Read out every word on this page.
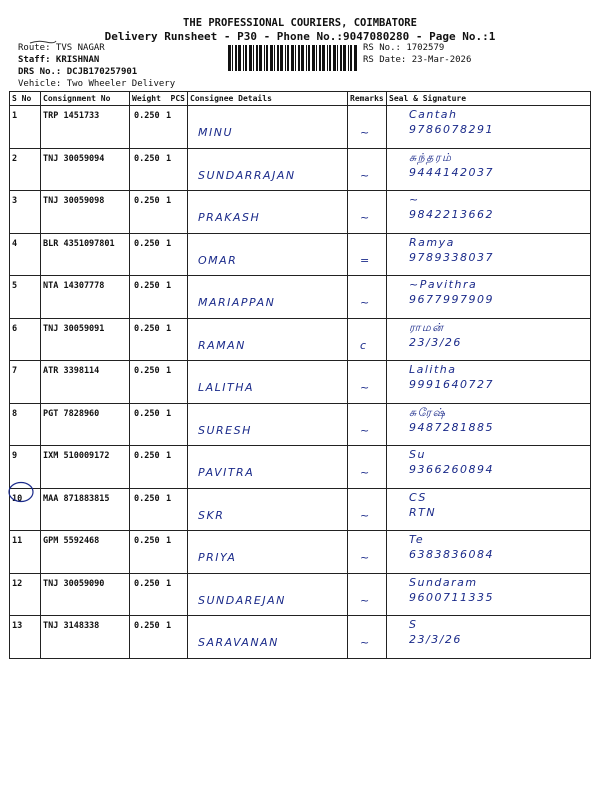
THE PROFESSIONAL COURIERS, COIMBATORE
Delivery Runsheet - P30 - Phone No.:9047080280 - Page No.:1
Route: TVS NAGAR
Staff: KRISHNAN
DRS No.: DCJB170257901
Vehicle: Two Wheeler Delivery
RS No.: 1702579
RS Date: 23-Mar-2026
S No	Consignment No	Weight PCS	Consignee Details	Remarks	Seal & Signature

1	TRP 1451733	0.250 1	MINU	~	Cantah
9786078291

2	TNJ 30059094	0.250 1	SUNDARRAJAN	~	சுந்தரம்
9444142037

3	TNJ 30059098	0.250 1	PRAKASH	~	~
9842213662

4	BLR 4351097801	0.250 1	OMAR	=	Ramya
9789338037

5	NTA 14307778	0.250 1	MARIAPPAN	~	~Pavithra
9677997909

6	TNJ 30059091	0.250 1	RAMAN	c	ராமன்
23/3/26

7	ATR 3398114	0.250 1	LALITHA	~	Lalitha
9991640727

8	PGT 7828960	0.250 1	SURESH	~	சுரேஷ்
9487281885

9	IXM 510009172	0.250 1	PAVITRA	~	Su
9366260894

10	MAA 871883815	0.250 1	SKR	~	CS
RTN

11	GPM 5592468	0.250 1	PRIYA	~	Te
6383836084

12	TNJ 30059090	0.250 1	SUNDAREJAN	~	Sundaram
9600711335

13	TNJ 3148338	0.250 1	SARAVANAN	~	S
23/3/26
